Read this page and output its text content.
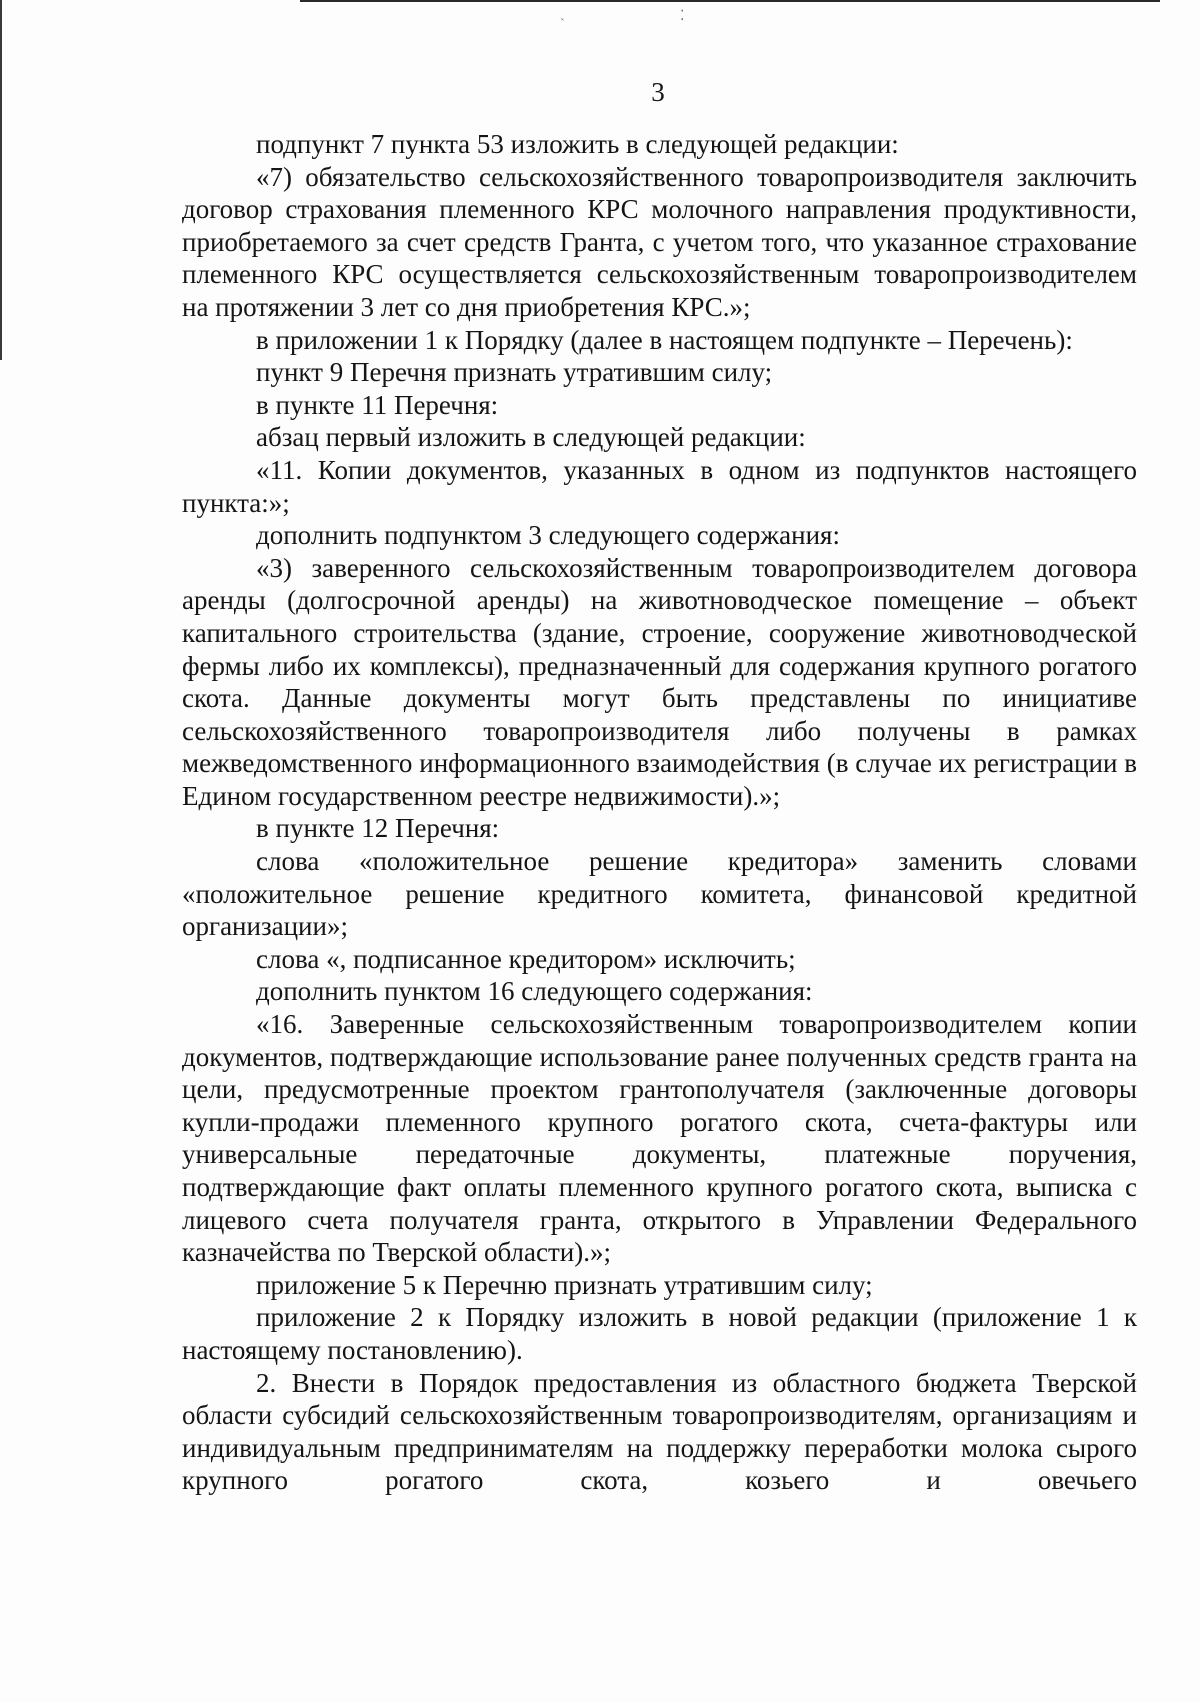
`
⁚
3

подпункт 7 пункта 53 изложить в следующей редакции:

«7) обязательство сельскохозяйственного товаропроизводителя заключить договор страхования племенного КРС молочного направления продуктивности, приобретаемого за счет средств Гранта, с учетом того, что указанное страхование племенного КРС осуществляется сельскохозяйственным товаропроизводителем на протяжении 3 лет со дня приобретения КРС.»;

в приложении 1 к Порядку (далее в настоящем подпункте – Перечень):

пункт 9 Перечня признать утратившим силу;

в пункте 11 Перечня:

абзац первый изложить в следующей редакции:

«11. Копии документов, указанных в одном из подпунктов настоящего пункта:»;

дополнить подпунктом 3 следующего содержания:

«3) заверенного сельскохозяйственным товаропроизводителем договора аренды (долгосрочной аренды) на животноводческое помещение – объект капитального строительства (здание, строение, сооружение животноводческой фермы либо их комплексы), предназначенный для содержания крупного рогатого скота. Данные документы могут быть представлены по инициативе сельскохозяйственного товаропроизводителя либо получены в рамках межведомственного информационного взаимодействия (в случае их регистрации в Едином государственном реестре недвижимости).»;

в пункте 12 Перечня:

слова «положительное решение кредитора» заменить словами «положительное решение кредитного комитета, финансовой кредитной организации»;

слова «, подписанное кредитором» исключить;

дополнить пунктом 16 следующего содержания:

«16. Заверенные сельскохозяйственным товаропроизводителем копии документов, подтверждающие использование ранее полученных средств гранта на цели, предусмотренные проектом грантополучателя (заключенные договоры купли-продажи племенного крупного рогатого скота, счета-фактуры или универсальные передаточные документы, платежные поручения, подтверждающие факт оплаты племенного крупного рогатого скота, выписка с лицевого счета получателя гранта, открытого в Управлении Федерального казначейства по Тверской области).»;

приложение 5 к Перечню признать утратившим силу;

приложение 2 к Порядку изложить в новой редакции (приложение 1 к настоящему постановлению).

2. Внести в Порядок предоставления из областного бюджета Тверской области субсидий сельскохозяйственным товаропроизводителям, организациям и индивидуальным предпринимателям на поддержку переработки молока сырого крупного рогатого скота, козьего и овечьего
